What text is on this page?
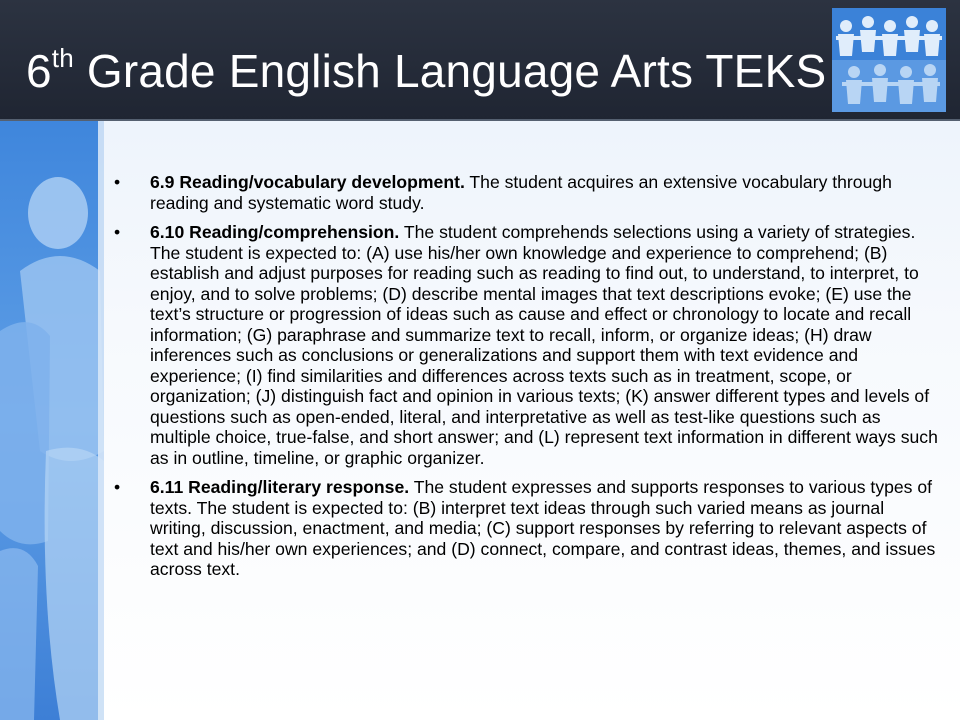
6th Grade English Language Arts TEKS
• 6.9 Reading/vocabulary development. The student acquires an extensive vocabulary through reading and systematic word study.
• 6.10 Reading/comprehension. The student comprehends selections using a variety of strategies. The student is expected to: (A) use his/her own knowledge and experience to comprehend; (B) establish and adjust purposes for reading such as reading to find out, to understand, to interpret, to enjoy, and to solve problems; (D) describe mental images that text descriptions evoke; (E) use the text’s structure or progression of ideas such as cause and effect or chronology to locate and recall information; (G) paraphrase and summarize text to recall, inform, or organize ideas; (H) draw inferences such as conclusions or generalizations and support them with text evidence and experience; (I) find similarities and differences across texts such as in treatment, scope, or organization; (J) distinguish fact and opinion in various texts; (K) answer different types and levels of questions such as open-ended, literal, and interpretative as well as test-like questions such as multiple choice, true-false, and short answer; and (L) represent text information in different ways such as in outline, timeline, or graphic organizer.
• 6.11 Reading/literary response. The student expresses and supports responses to various types of texts. The student is expected to: (B) interpret text ideas through such varied means as journal writing, discussion, enactment, and media; (C) support responses by referring to relevant aspects of text and his/her own experiences; and (D) connect, compare, and contrast ideas, themes, and issues across text.
